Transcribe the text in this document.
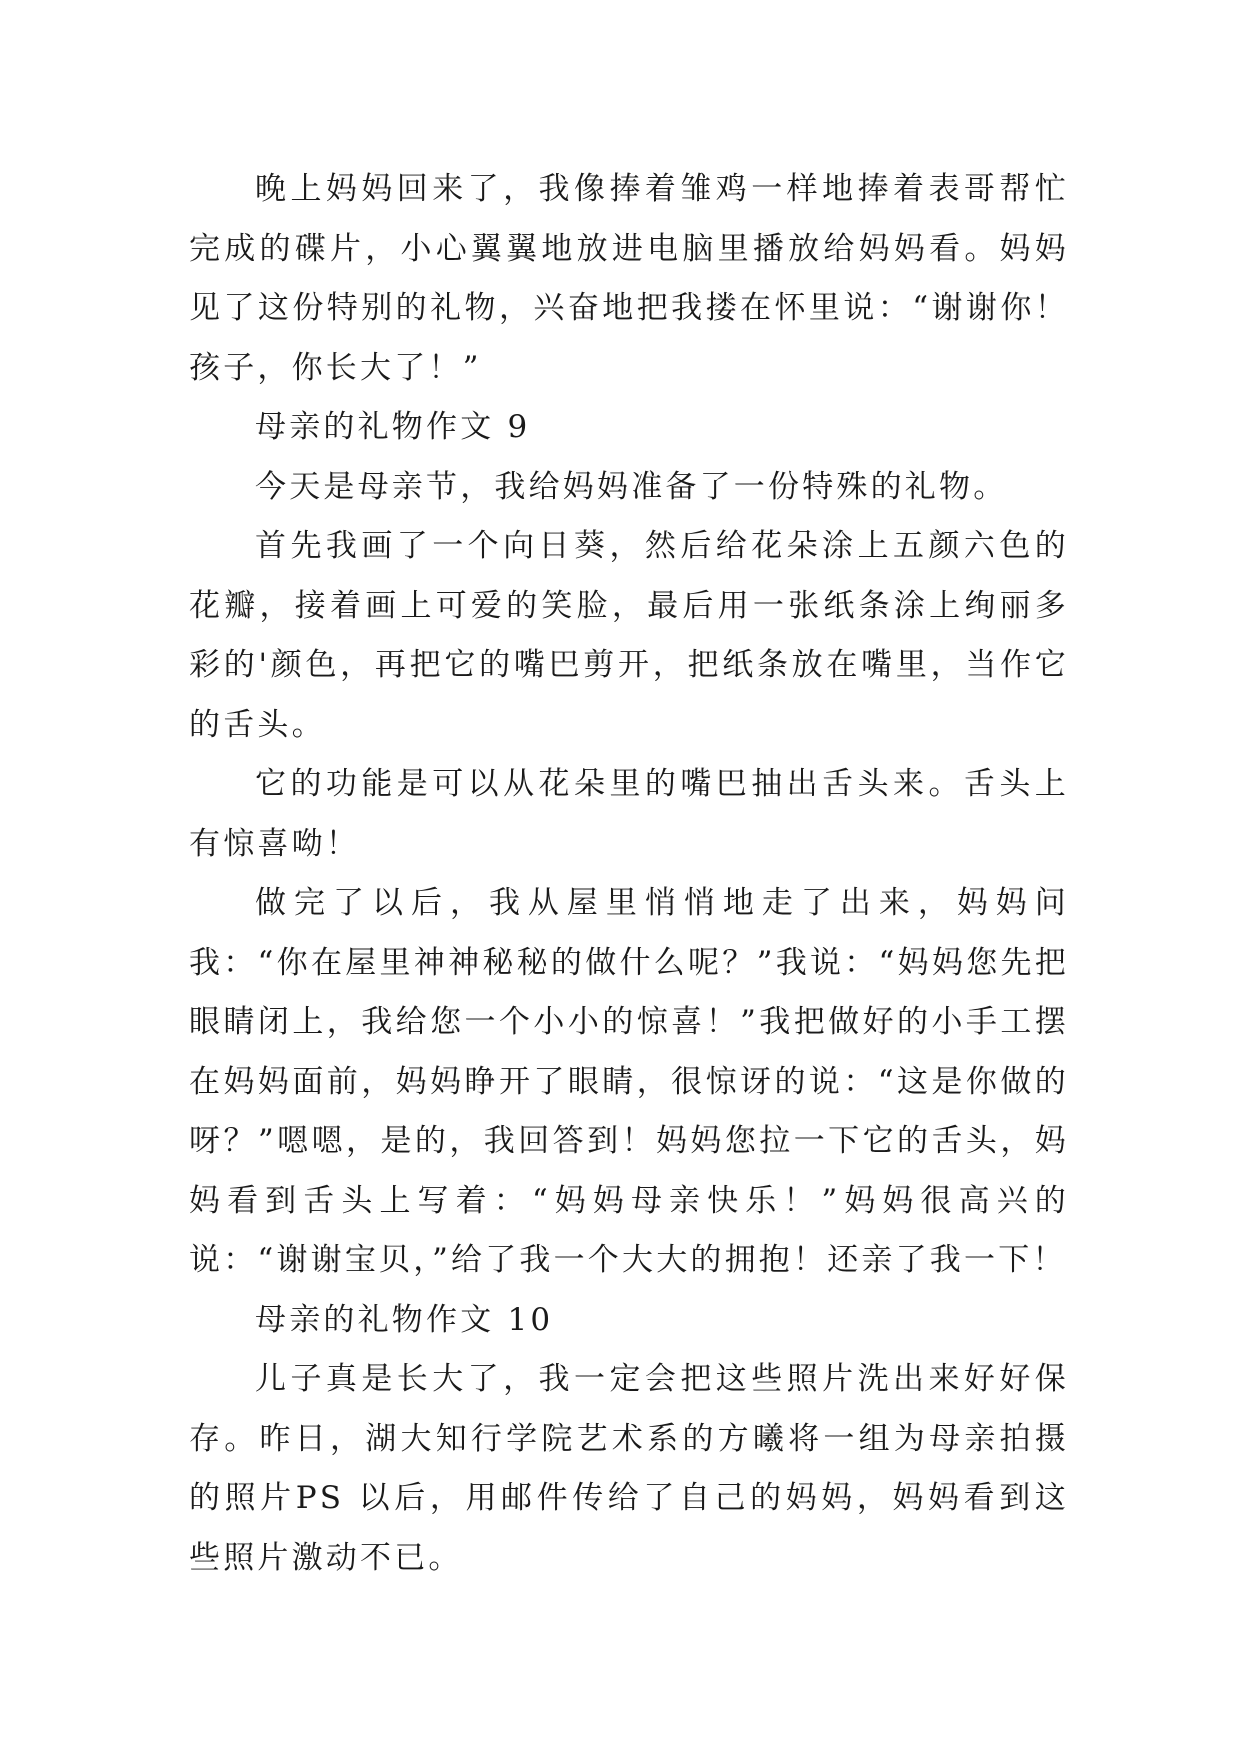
晚上妈妈回来了，我像捧着雏鸡一样地捧着表哥帮忙完成的碟片，小心翼翼地放进电脑里播放给妈妈看。妈妈见了这份特别的礼物，兴奋地把我搂在怀里说：“谢谢你！孩子，你长大了！”

母亲的礼物作文 9

今天是母亲节，我给妈妈准备了一份特殊的礼物。

首先我画了一个向日葵，然后给花朵涂上五颜六色的花瓣，接着画上可爱的笑脸，最后用一张纸条涂上绚丽多彩的'颜色，再把它的嘴巴剪开，把纸条放在嘴里，当作它的舌头。

它的功能是可以从花朵里的嘴巴抽出舌头来。舌头上有惊喜呦！

做完了以后，我从屋里悄悄地走了出来，妈妈问我：“你在屋里神神秘秘的做什么呢？”我说：“妈妈您先把眼睛闭上，我给您一个小小的惊喜！”我把做好的小手工摆在妈妈面前，妈妈睁开了眼睛，很惊讶的说：“这是你做的呀？”嗯嗯，是的，我回答到！妈妈您拉一下它的舌头，妈妈看到舌头上写着：“妈妈母亲快乐！”妈妈很高兴的说：“谢谢宝贝，”给了我一个大大的拥抱！还亲了我一下！

母亲的礼物作文 10

儿子真是长大了，我一定会把这些照片洗出来好好保存。昨日，湖大知行学院艺术系的方曦将一组为母亲拍摄的照片PS 以后，用邮件传给了自己的妈妈，妈妈看到这些照片激动不已。
